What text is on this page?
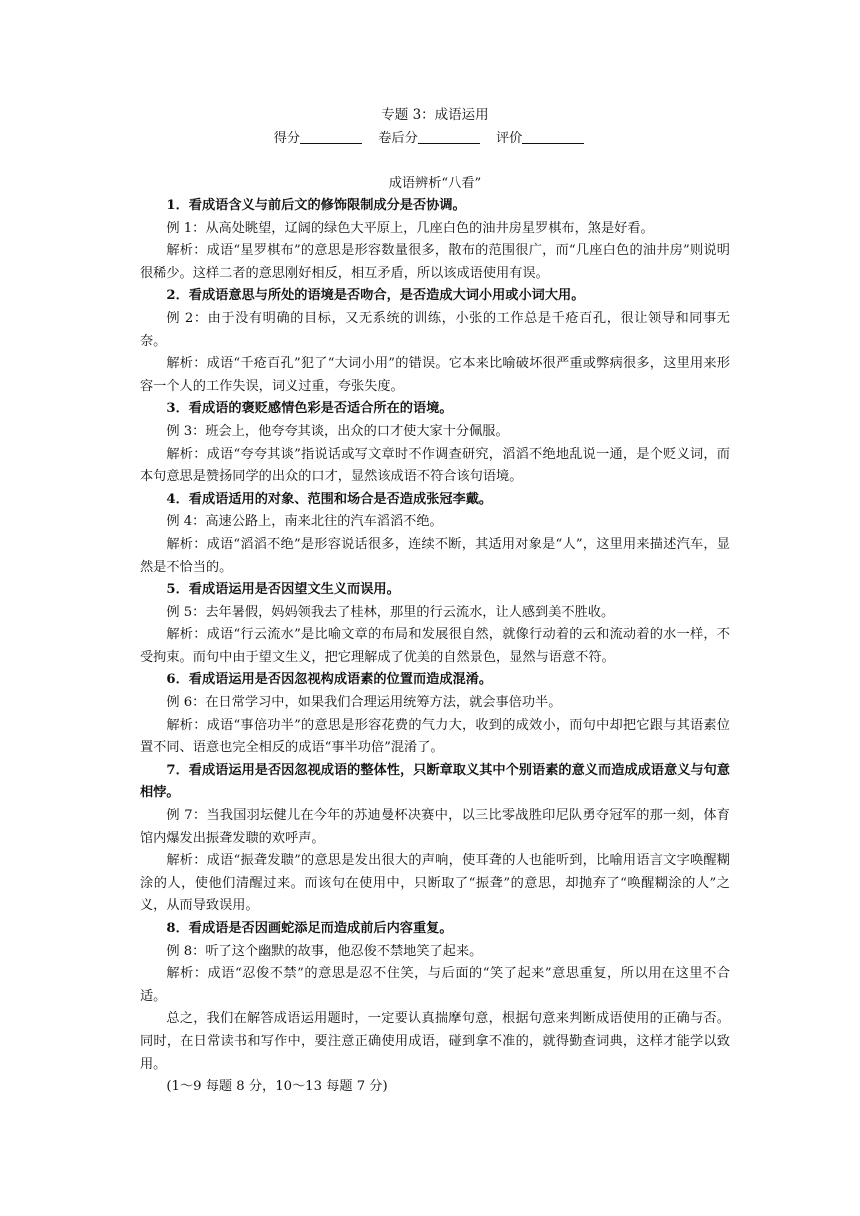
专题 3：成语运用
得分	卷后分	评价
成语辨析“八看”

1．看成语含义与前后文的修饰限制成分是否协调。

例 1：从高处眺望，辽阔的绿色大平原上，几座白色的油井房星罗棋布，煞是好看。

解析：成语“星罗棋布”的意思是形容数量很多，散布的范围很广，而“几座白色的油井房”则说明很稀少。这样二者的意思刚好相反，相互矛盾，所以该成语使用有误。

2．看成语意思与所处的语境是否吻合，是否造成大词小用或小词大用。

例 2：由于没有明确的目标，又无系统的训练，小张的工作总是千疮百孔，很让领导和同事无奈。

解析：成语“千疮百孔”犯了“大词小用”的错误。它本来比喻破坏很严重或弊病很多，这里用来形容一个人的工作失误，词义过重，夸张失度。

3．看成语的褒贬感情色彩是否适合所在的语境。

例 3：班会上，他夸夸其谈，出众的口才使大家十分佩服。

解析：成语“夸夸其谈”指说话或写文章时不作调查研究，滔滔不绝地乱说一通，是个贬义词，而本句意思是赞扬同学的出众的口才，显然该成语不符合该句语境。

4．看成语适用的对象、范围和场合是否造成张冠李戴。

例 4：高速公路上，南来北往的汽车滔滔不绝。

解析：成语“滔滔不绝”是形容说话很多，连续不断，其适用对象是“人”，这里用来描述汽车，显然是不恰当的。

5．看成语运用是否因望文生义而误用。

例 5：去年暑假，妈妈领我去了桂林，那里的行云流水，让人感到美不胜收。

解析：成语“行云流水”是比喻文章的布局和发展很自然，就像行动着的云和流动着的水一样，不受拘束。而句中由于望文生义，把它理解成了优美的自然景色，显然与语意不符。

6．看成语运用是否因忽视构成语素的位置而造成混淆。

例 6：在日常学习中，如果我们合理运用统筹方法，就会事倍功半。

解析：成语“事倍功半”的意思是形容花费的气力大，收到的成效小，而句中却把它跟与其语素位置不同、语意也完全相反的成语“事半功倍”混淆了。

7．看成语运用是否因忽视成语的整体性，只断章取义其中个别语素的意义而造成成语意义与句意相悖。

例 7：当我国羽坛健儿在今年的苏迪曼杯决赛中，以三比零战胜印尼队勇夺冠军的那一刻，体育馆内爆发出振聋发聩的欢呼声。

解析：成语“振聋发聩”的意思是发出很大的声响，使耳聋的人也能听到，比喻用语言文字唤醒糊涂的人，使他们清醒过来。而该句在使用中，只断取了“振聋”的意思，却抛弃了“唤醒糊涂的人”之义，从而导致误用。

8．看成语是否因画蛇添足而造成前后内容重复。

例 8：听了这个幽默的故事，他忍俊不禁地笑了起来。

解析：成语“忍俊不禁”的意思是忍不住笑，与后面的“笑了起来”意思重复，所以用在这里不合适。

总之，我们在解答成语运用题时，一定要认真揣摩句意，根据句意来判断成语使用的正确与否。同时，在日常读书和写作中，要注意正确使用成语，碰到拿不准的，就得勤查词典，这样才能学以致用。

(1～9 每题 8 分，10～13 每题 7 分)
